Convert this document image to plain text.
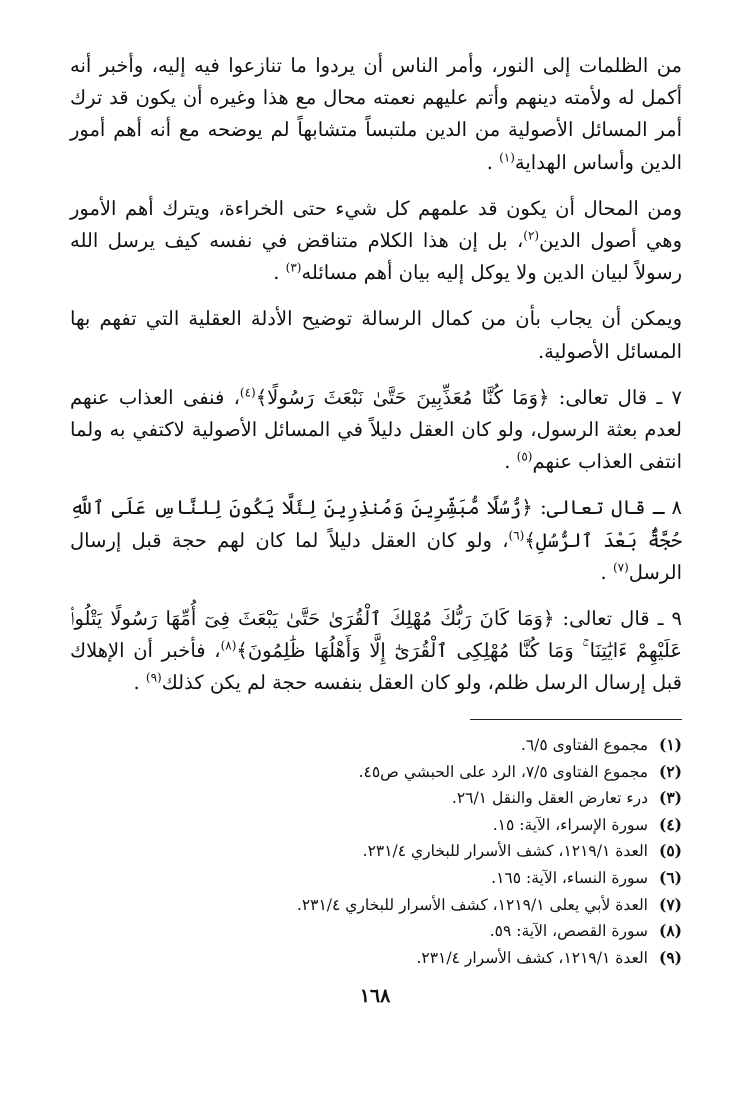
من الظلمات إلى النور، وأمر الناس أن يردوا ما تنازعوا فيه إليه، وأخبر أنه أكمل له ولأمته دينهم وأتم عليهم نعمته محال مع هذا وغيره أن يكون قد ترك أمر المسائل الأصولية من الدين ملتبساً متشابهاً لم يوضحه مع أنه أهم أمور الدين وأساس الهداية$^{(١)}$ .

ومن المحال أن يكون قد علمهم كل شيء حتى الخراءة، ويترك أهم الأمور وهي أصول الدين$^{(٢)}$، بل إن هذا الكلام متناقض في نفسه كيف يرسل الله رسولاً لبيان الدين ولا يوكل إليه بيان أهم مسائله$^{(٣)}$ .

ويمكن أن يجاب بأن من كمال الرسالة توضيح الأدلة العقلية التي تفهم بها المسائل الأصولية.

٧ ـ قال تعالى: ﴿وَمَا كُنَّا مُعَذِّبِينَ حَتَّىٰ نَبْعَثَ رَسُولًا﴾$^{(٤)}$، فنفى العذاب عنهم لعدم بعثة الرسول، ولو كان العقل دليلاً في المسائل الأصولية لاكتفي به ولما انتفى العذاب عنهم$^{(٥)}$ .

٨ ـ قال تعالى: ﴿رُّسُلًا مُّبَشِّرِينَ وَمُنذِرِينَ لِئَلَّا يَكُونَ لِلنَّاسِ عَلَى ٱللَّهِ حُجَّةٌۢ بَعْدَ ٱلرُّسُلِ﴾$^{(٦)}$، ولو كان العقل دليلاً لما كان لهم حجة قبل إرسال الرسل$^{(٧)}$ .

٩ ـ قال تعالى: ﴿وَمَا كَانَ رَبُّكَ مُهْلِكَ ٱلْقُرَىٰ حَتَّىٰ يَبْعَثَ فِىٓ أُمِّهَا رَسُولًا يَتْلُوا۟ عَلَيْهِمْ ءَايَٰتِنَا ۚ وَمَا كُنَّا مُهْلِكِى ٱلْقُرَىٰٓ إِلَّا وَأَهْلُهَا ظَٰلِمُونَ﴾$^{(٨)}$، فأخبر أن الإهلاك قبل إرسال الرسل ظلم، ولو كان العقل بنفسه حجة لم يكن كذلك$^{(٩)}$ .

(١)مجموع الفتاوى ٦/٥.
(٢)مجموع الفتاوى ٧/٥، الرد على الحبشي ص٤٥.
(٣)درء تعارض العقل والنقل ٢٦/١.
(٤)سورة الإسراء، الآية: ١٥.
(٥)العدة ١٢١٩/١، كشف الأسرار للبخاري ٢٣١/٤.
(٦)سورة النساء، الآية: ١٦٥.
(٧)العدة لأبي يعلى ١٢١٩/١، كشف الأسرار للبخاري ٢٣١/٤.
(٨)سورة القصص، الآية: ٥٩.
(٩)العدة ١٢١٩/١، كشف الأسرار ٢٣١/٤.
١٦٨
